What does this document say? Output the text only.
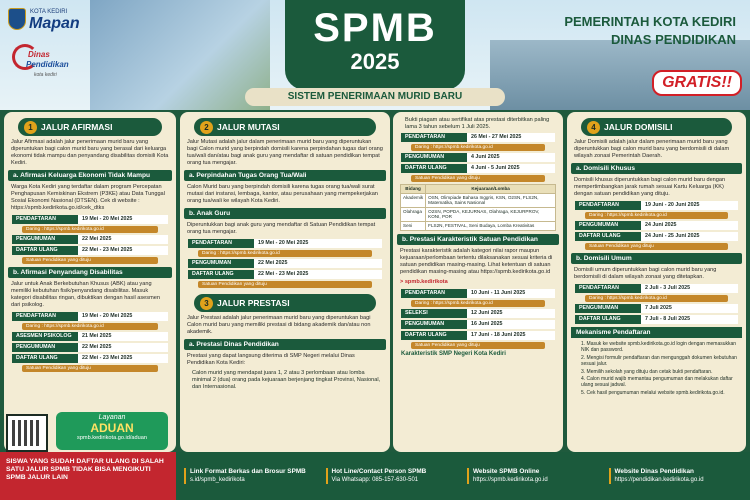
KOTA KEDIRI
Mapan
Dinas
Pendidikan
kota kediri
SPMB
2025
SISTEM PENERIMAAN MURID BARU
PEMERINTAH KOTA KEDIRI
DINAS PENDIDIKAN
GRATIS!!
1 JALUR AFIRMASI
Jalur Afirmasi adalah jalur penerimaan murid baru yang diperuntukan bagi calon murid baru yang berasal dari keluarga ekonomi tidak mampu dan penyandang disabilitas domisili Kota Kediri.
a. Afirmasi Keluarga Ekonomi Tidak Mampu
Warga Kota Kediri yang terdaftar dalam program Percepatan Penghapusan Kemiskinan Ekstrem (P3KE) atau Data Tunggal Sosial Ekonomi Nasional (DTSEN). Cek di website : https://spmb.kedirikota.go.id/cek_dtks
PENDAFTARAN	19 Mei - 20 Mei 2025
Daring : https://spmb.kedirikota.go.id
PENGUMUMAN	22 Mei 2025
DAFTAR ULANG	22 Mei - 23 Mei 2025
Satuan Pendidikan yang dituju
b. Afirmasi Penyandang Disabilitas
Jalur untuk Anak Berkebutuhan Khusus (ABK) atau yang memiliki kebutuhan fisik/penyandang disabilitas. Masuk kategori disabilitas ringan, dibuktikan dengan hasil asesmen dari psikolog.
PENDAFTARAN	19 Mei - 20 Mei 2025
Daring : https://spmb.kedirikota.go.id
ASESMEN PSIKOLOG	21 Mei 2025
PENGUMUMAN	22 Mei 2025
DAFTAR ULANG	22 Mei - 23 Mei 2025
Satuan Pendidikan yang dituju
2 JALUR MUTASI
Jalur Mutasi adalah jalur dalam penerimaan murid baru yang diperuntukan bagi Calon murid yang berpindah domisili karena perpindahan tugas dari orang tua/wali dan/atau bagi anak guru yang mendaftar di satuan pendidikan tempat orang tua mengajar.
a. Perpindahan Tugas Orang Tua/Wali
Calon Murid baru yang berpindah domisili karena tugas orang tua/wali surat mutasi dari instansi, lembaga, kantor, atau perusahaan yang mempekerjakan orang tua/wali ke wilayah Kota Kediri.
b. Anak Guru
Diperuntukkan bagi anak guru yang mendaftar di Satuan Pendidikan tempat orang tua mengajar.
PENDAFTARAN	19 Mei - 20 Mei 2025
Daring : https://spmb.kedirikota.go.id
PENGUMUMAN	22 Mei 2025
DAFTAR ULANG	22 Mei - 23 Mei 2025
Satuan Pendidikan yang dituju
3 JALUR PRESTASI
Jalur Prestasi adalah jalur penerimaan murid baru yang diperuntukan bagi Calon murid baru yang memiliki prestasi di bidang akademik dan/atau non akademik.
a. Prestasi Dinas Pendidikan
Prestasi yang dapat langsung diterima di SMP Negeri melalui Dinas Pendidikan Kota Kediri:
Calon murid yang mendapat juara 1, 2 atau 3 perlombaan atau lomba minimal 2 (dua) orang pada kejuaraan berjenjang tingkat Provinsi, Nasional, dan Internasional.
Bukti piagam atau sertifikat atas prestasi diterbitkan paling lama 3 tahun sebelum 1 Juli 2025.
PENDAFTARAN	26 Mei - 27 Mei 2025
Daring : https://spmb.kedirikota.go.id
PENGUMUMAN	4 Juni 2025
DAFTAR ULANG	4 Juni - 5 Juni 2025
Satuan Pendidikan yang dituju
Bidang	Kejuaraan/Lomba
Akademik	OSN, Olimpiade Bahasa Inggris, KSN, O2SN, FLS2N, Matematika, Sains Nasional
Olahraga	O2SN, POPDA, KEJURNAS, Olahraga, KEJURPROV, KONI, POR
Seni	FLS2N, FESTIVAL, Seni Budaya, Lomba Kreativitas
b. Prestasi Karakteristik Satuan Pendidikan
Prestasi karakteristik adalah kategori nilai rapor maupun kejuaraan/perlombaan tertentu dilaksanakan sesuai kriteria di satuan pendidikan masing-masing. Lihat ketentuan di satuan pendidikan masing-masing atau https://spmb.kedirikota.go.id
> spmb.kedirikota
PENDAFTARAN	10 Juni - 11 Juni 2025
Daring : https://spmb.kedirikota.go.id
SELEKSI	12 Juni 2025
PENGUMUMAN	16 Juni 2025
DAFTAR ULANG	17 Juni - 18 Juni 2025
Satuan Pendidikan yang dituju
Karakteristik SMP Negeri Kota Kediri
4 JALUR DOMISILI
Jalur Domisili adalah jalur dalam penerimaan murid baru yang diperuntukkan bagi calon murid baru yang berdomisili di dalam wilayah zonasi Pemerintah Daerah.
a. Domisili Khusus
Domisili khusus diperuntukkan bagi calon murid baru dengan mempertimbangkan jarak rumah sesuai Kartu Keluarga (KK) dengan satuan pendidikan yang dituju.
PENDAFTARAN	19 Juni - 20 Juni 2025
Daring : https://spmb.kedirikota.go.id
PENGUMUMAN	24 Juni 2025
DAFTAR ULANG	24 Juni - 25 Juni 2025
Satuan Pendidikan yang dituju
b. Domisili Umum
Domisili umum diperuntukkan bagi calon murid baru yang berdomisili di dalam wilayah zonasi yang ditetapkan.
PENDAFTARAN	2 Juli - 3 Juli 2025
Daring : https://spmb.kedirikota.go.id
PENGUMUMAN	7 Juli 2025
DAFTAR ULANG	7 Juli - 8 Juli 2025
Mekanisme Pendaftaran
1. Masuk ke website spmb.kedirikota.go.id login dengan memasukkan NIK dan password.
2. Mengisi formulir pendaftaran dan mengunggah dokumen kebutuhan sesuai jalur.
3. Memilih sekolah yang dituju dan cetak bukti pendaftaran.
4. Calon murid wajib memantau pengumuman dan melakukan daftar ulang sesuai jadwal.
5. Cek hasil pengumuman melalui website spmb.kedirikota.go.id.
Layanan
ADUAN
spmb.kedirikota.go.id/aduan
SISWA YANG SUDAH DAFTAR ULANG DI SALAH SATU JALUR SPMB TIDAK BISA MENGIKUTI SPMB JALUR LAIN
Link Format Berkas dan Brosur SPMB
s.id/spmb_kedirikota
Hot Line/Contact Person SPMB
Via Whatsapp: 085-157-630-501
Website SPMB Online
https://spmb.kedirikota.go.id
Website Dinas Pendidikan
https://pendidikan.kedirikota.go.id
